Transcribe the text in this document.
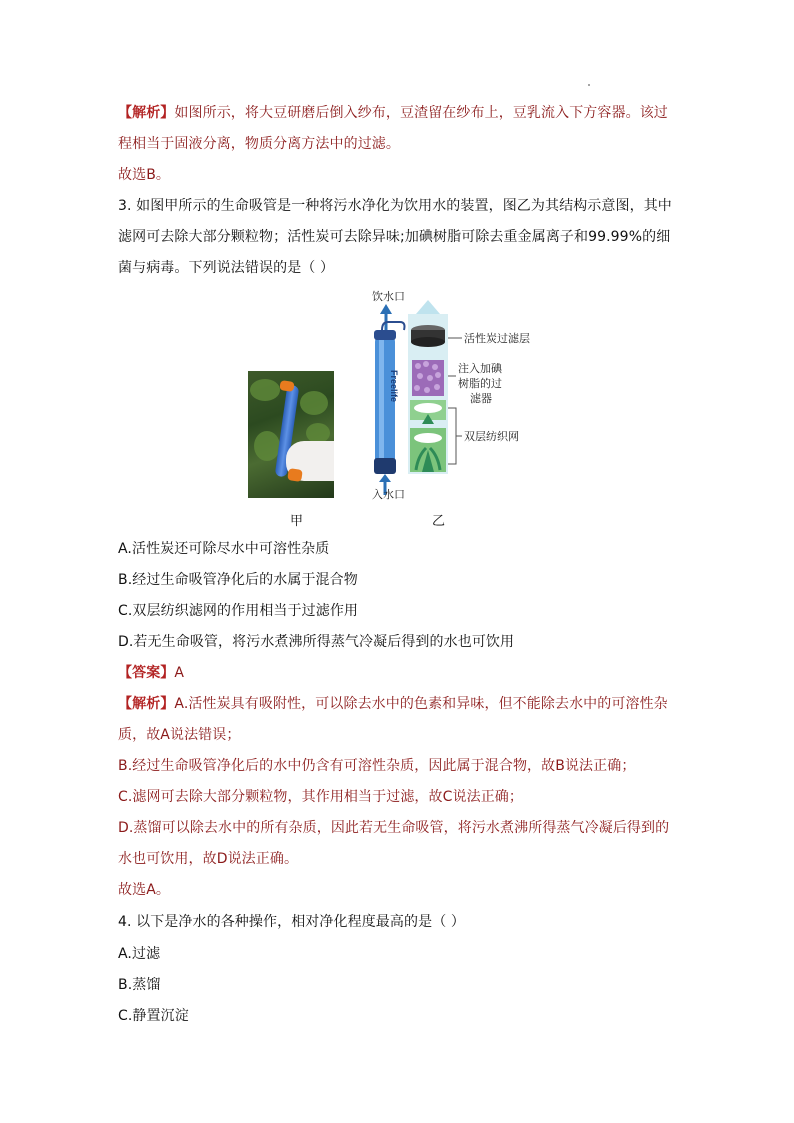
【解析】如图所示，将大豆研磨后倒入纱布，豆渣留在纱布上，豆乳流入下方容器。该过
程相当于固液分离，物质分离方法中的过滤。
故选B。
3. 如图甲所示的生命吸管是一种将污水净化为饮用水的装置，图乙为其结构示意图，其中
滤网可去除大部分颗粒物；活性炭可去除异味;加碘树脂可除去重金属离子和99.99%的细
菌与病毒。下列说法错误的是（ ）
饮水口
Freelife
活性炭过滤层
注入加碘
树脂的过
滤器
双层纺织网
入水口
甲	乙
A.活性炭还可除尽水中可溶性杂质
B.经过生命吸管净化后的水属于混合物
C.双层纺织滤网的作用相当于过滤作用
D.若无生命吸管，将污水煮沸所得蒸气冷凝后得到的水也可饮用
【答案】A
【解析】A.活性炭具有吸附性，可以除去水中的色素和异味，但不能除去水中的可溶性杂
质，故A说法错误；
B.经过生命吸管净化后的水中仍含有可溶性杂质，因此属于混合物，故B说法正确；
C.滤网可去除大部分颗粒物，其作用相当于过滤，故C说法正确；
D.蒸馏可以除去水中的所有杂质，因此若无生命吸管，将污水煮沸所得蒸气冷凝后得到的
水也可饮用，故D说法正确。
故选A。
4. 以下是净水的各种操作，相对净化程度最高的是（ ）
A.过滤
B.蒸馏
C.静置沉淀
